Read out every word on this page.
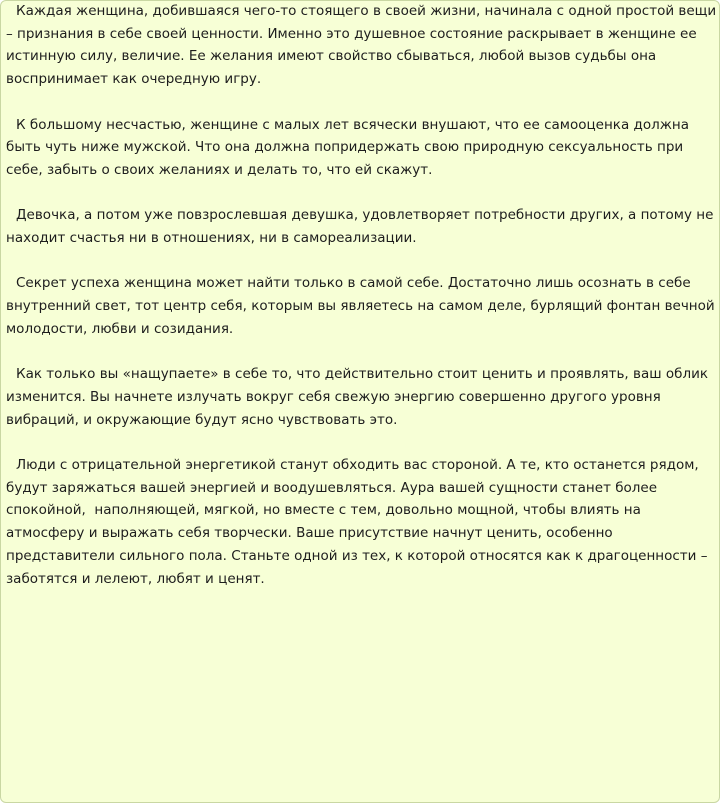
Каждая женщина, добившаяся чего-то стоящего в своей жизни, начинала с одной простой вещи – признания в себе своей ценности. Именно это душевное состояние раскрывает в женщине ее истинную силу, величие. Ее желания имеют свойство сбываться, любой вызов судьбы она воспринимает как очередную игру.

К большому несчастью, женщине с малых лет всячески внушают, что ее самооценка должна быть чуть ниже мужской. Что она должна попридержать свою природную сексуальность при себе, забыть о своих желаниях и делать то, что ей скажут.

Девочка, а потом уже повзрослевшая девушка, удовлетворяет потребности других, а потому не находит счастья ни в отношениях, ни в самореализации.

Секрет успеха женщина может найти только в самой себе. Достаточно лишь осознать в себе внутренний свет, тот центр себя, которым вы являетесь на самом деле, бурлящий фонтан вечной молодости, любви и созидания.

Как только вы «нащупаете» в себе то, что действительно стоит ценить и проявлять, ваш облик изменится. Вы начнете излучать вокруг себя свежую энергию совершенно другого уровня вибраций, и окружающие будут ясно чувствовать это.

Люди с отрицательной энергетикой станут обходить вас стороной. А те, кто останется рядом, будут заряжаться вашей энергией и воодушевляться. Аура вашей сущности станет более спокойной,  наполняющей, мягкой, но вместе с тем, довольно мощной, чтобы влиять на атмосферу и выражать себя творчески. Ваше присутствие начнут ценить, особенно представители сильного пола. Станьте одной из тех, к которой относятся как к драгоценности – заботятся и лелеют, любят и ценят.
